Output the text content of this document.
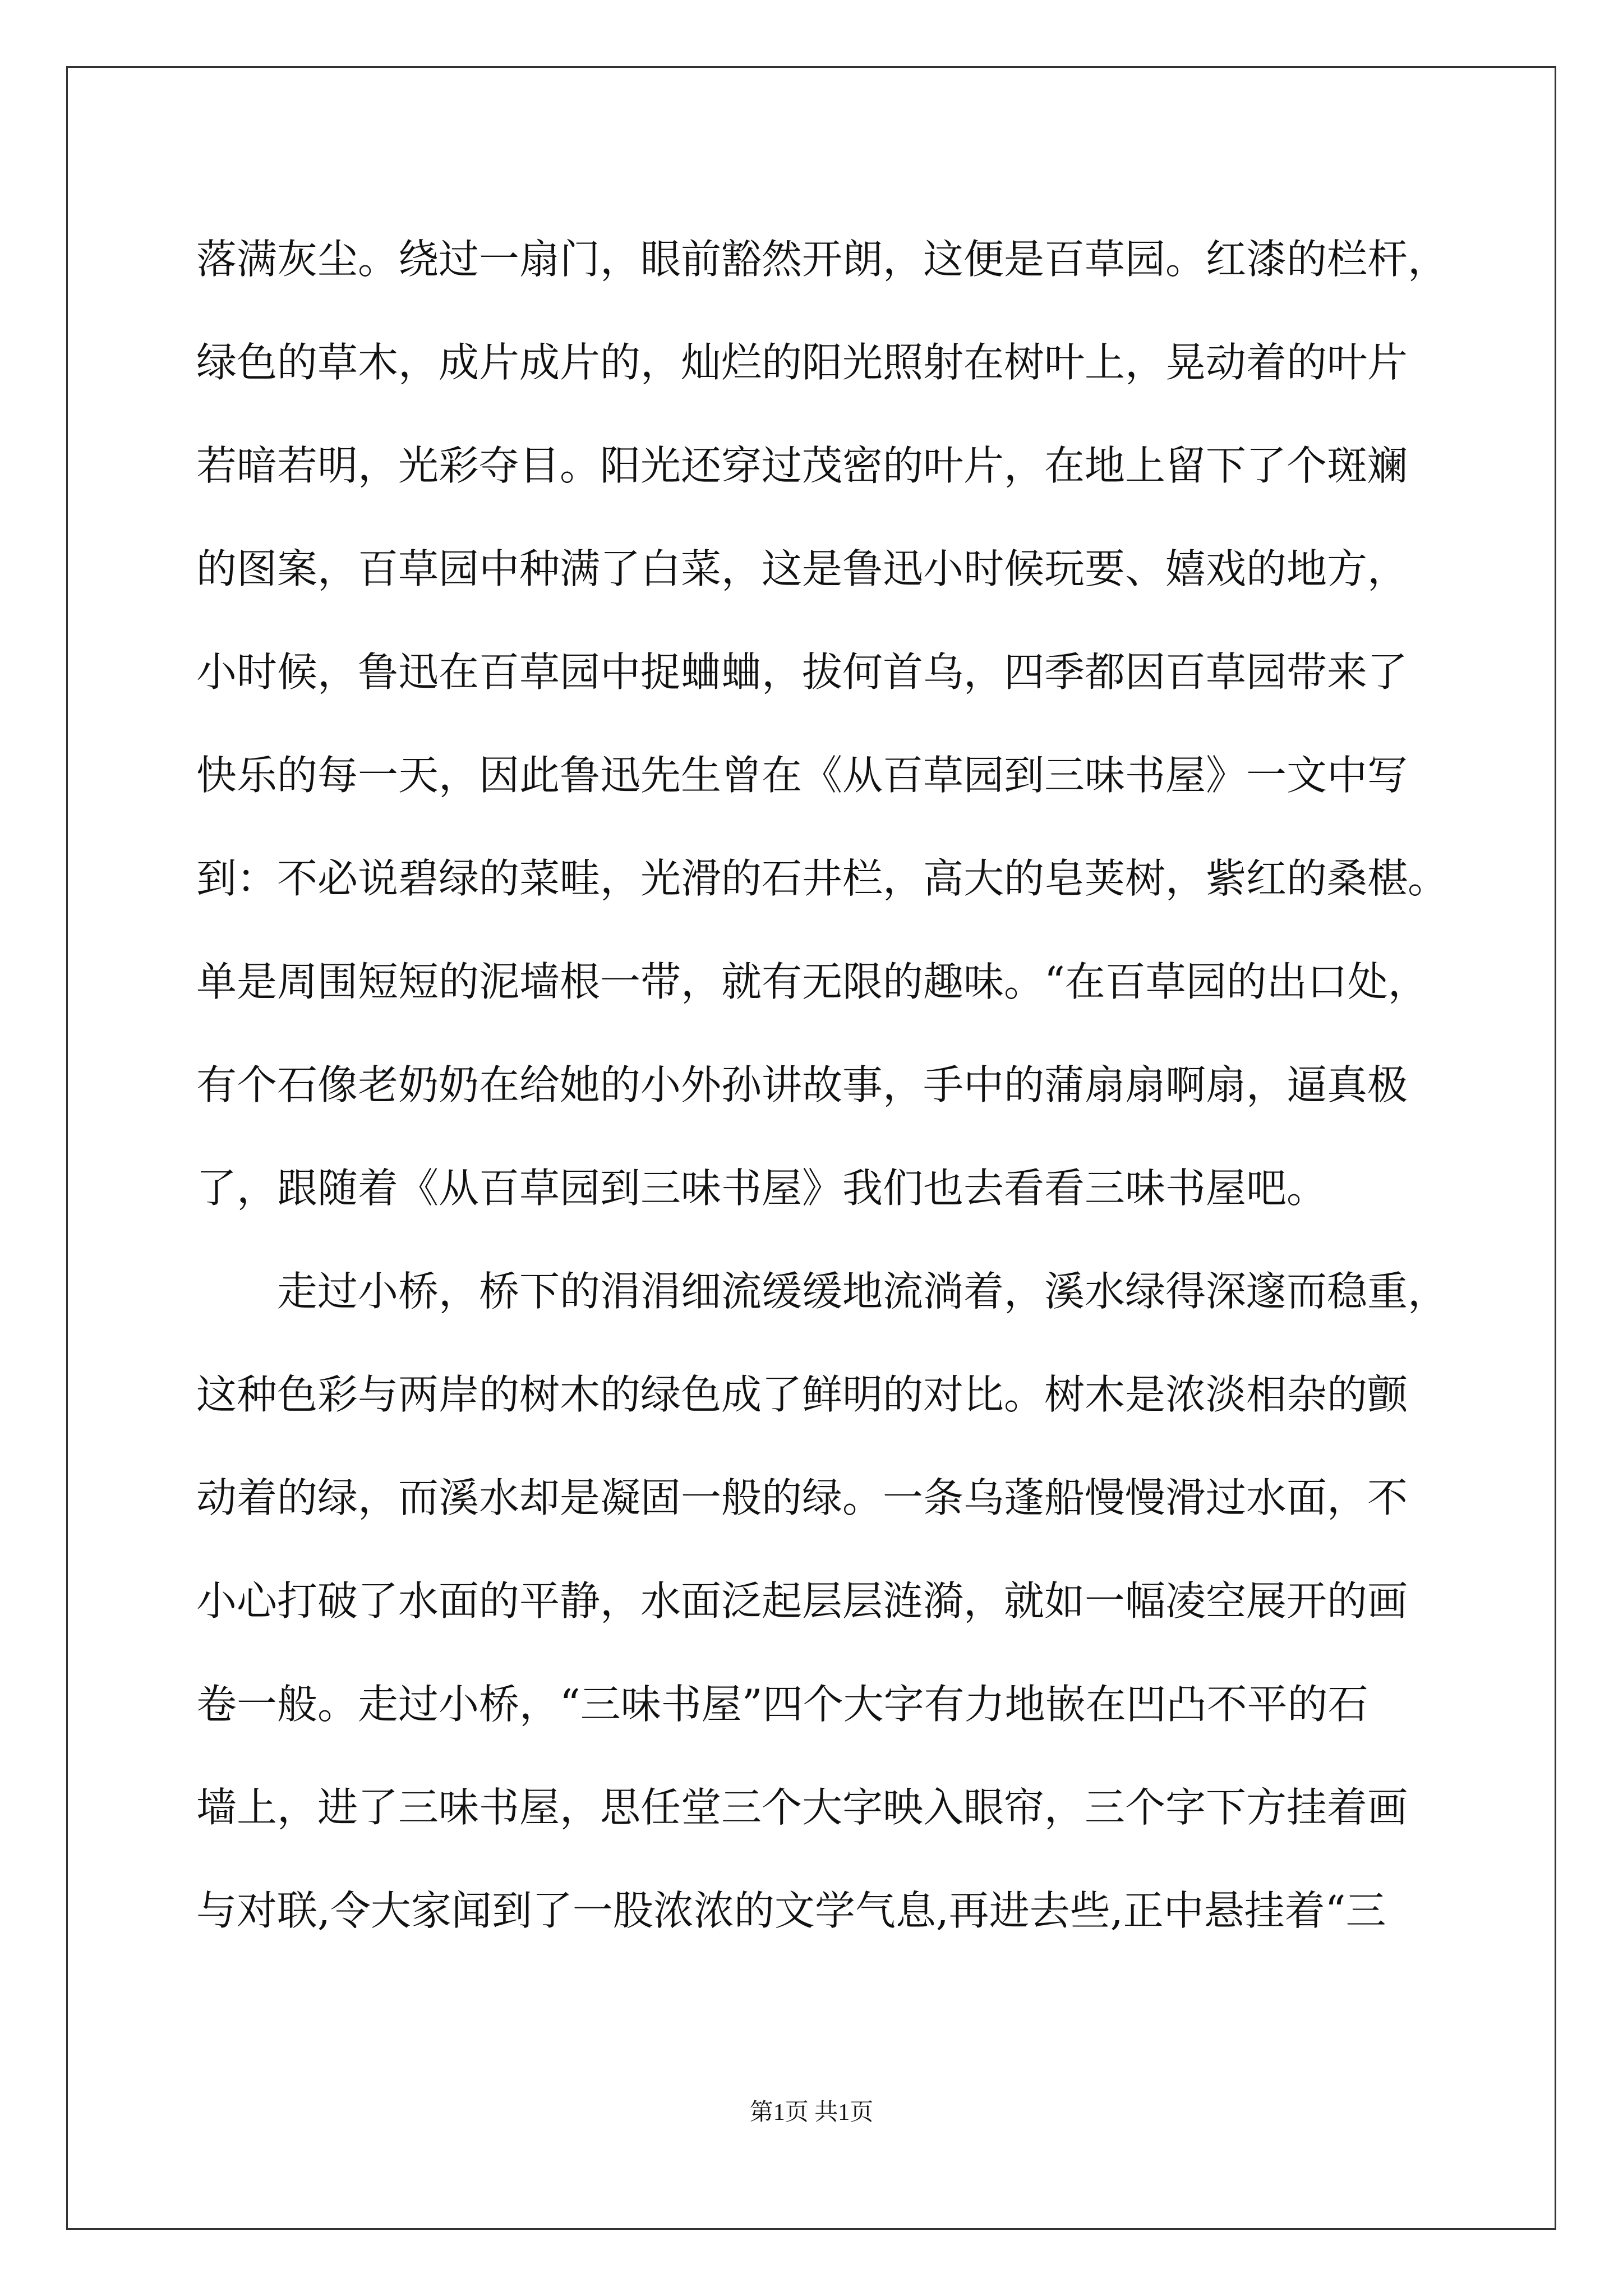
落满灰尘。绕过一扇门，眼前豁然开朗，这便是百草园。红漆的栏杆，
绿色的草木，成片成片的，灿烂的阳光照射在树叶上，晃动着的叶片
若暗若明，光彩夺目。阳光还穿过茂密的叶片，在地上留下了个斑斓
的图案，百草园中种满了白菜，这是鲁迅小时候玩要、嬉戏的地方，
小时候，鲁迅在百草园中捉蛐蛐，拔何首乌，四季都因百草园带来了
快乐的每一天，因此鲁迅先生曾在《从百草园到三味书屋》一文中写
到：不必说碧绿的菜畦，光滑的石井栏，高大的皂荚树，紫红的桑椹。
单是周围短短的泥墙根一带，就有无限的趣味。“在百草园的出口处，
有个石像老奶奶在给她的小外孙讲故事，手中的蒲扇扇啊扇，逼真极
了，跟随着《从百草园到三味书屋》我们也去看看三味书屋吧。
走过小桥，桥下的涓涓细流缓缓地流淌着，溪水绿得深邃而稳重，
这种色彩与两岸的树木的绿色成了鲜明的对比。树木是浓淡相杂的颤
动着的绿，而溪水却是凝固一般的绿。一条乌蓬船慢慢滑过水面，不
小心打破了水面的平静，水面泛起层层涟漪，就如一幅凌空展开的画
卷一般。走过小桥，“三味书屋”四个大字有力地嵌在凹凸不平的石
墙上，进了三味书屋，思任堂三个大字映入眼帘，三个字下方挂着画
与对联,令大家闻到了一股浓浓的文学气息,再进去些,正中悬挂着“三
第1页 共1页
